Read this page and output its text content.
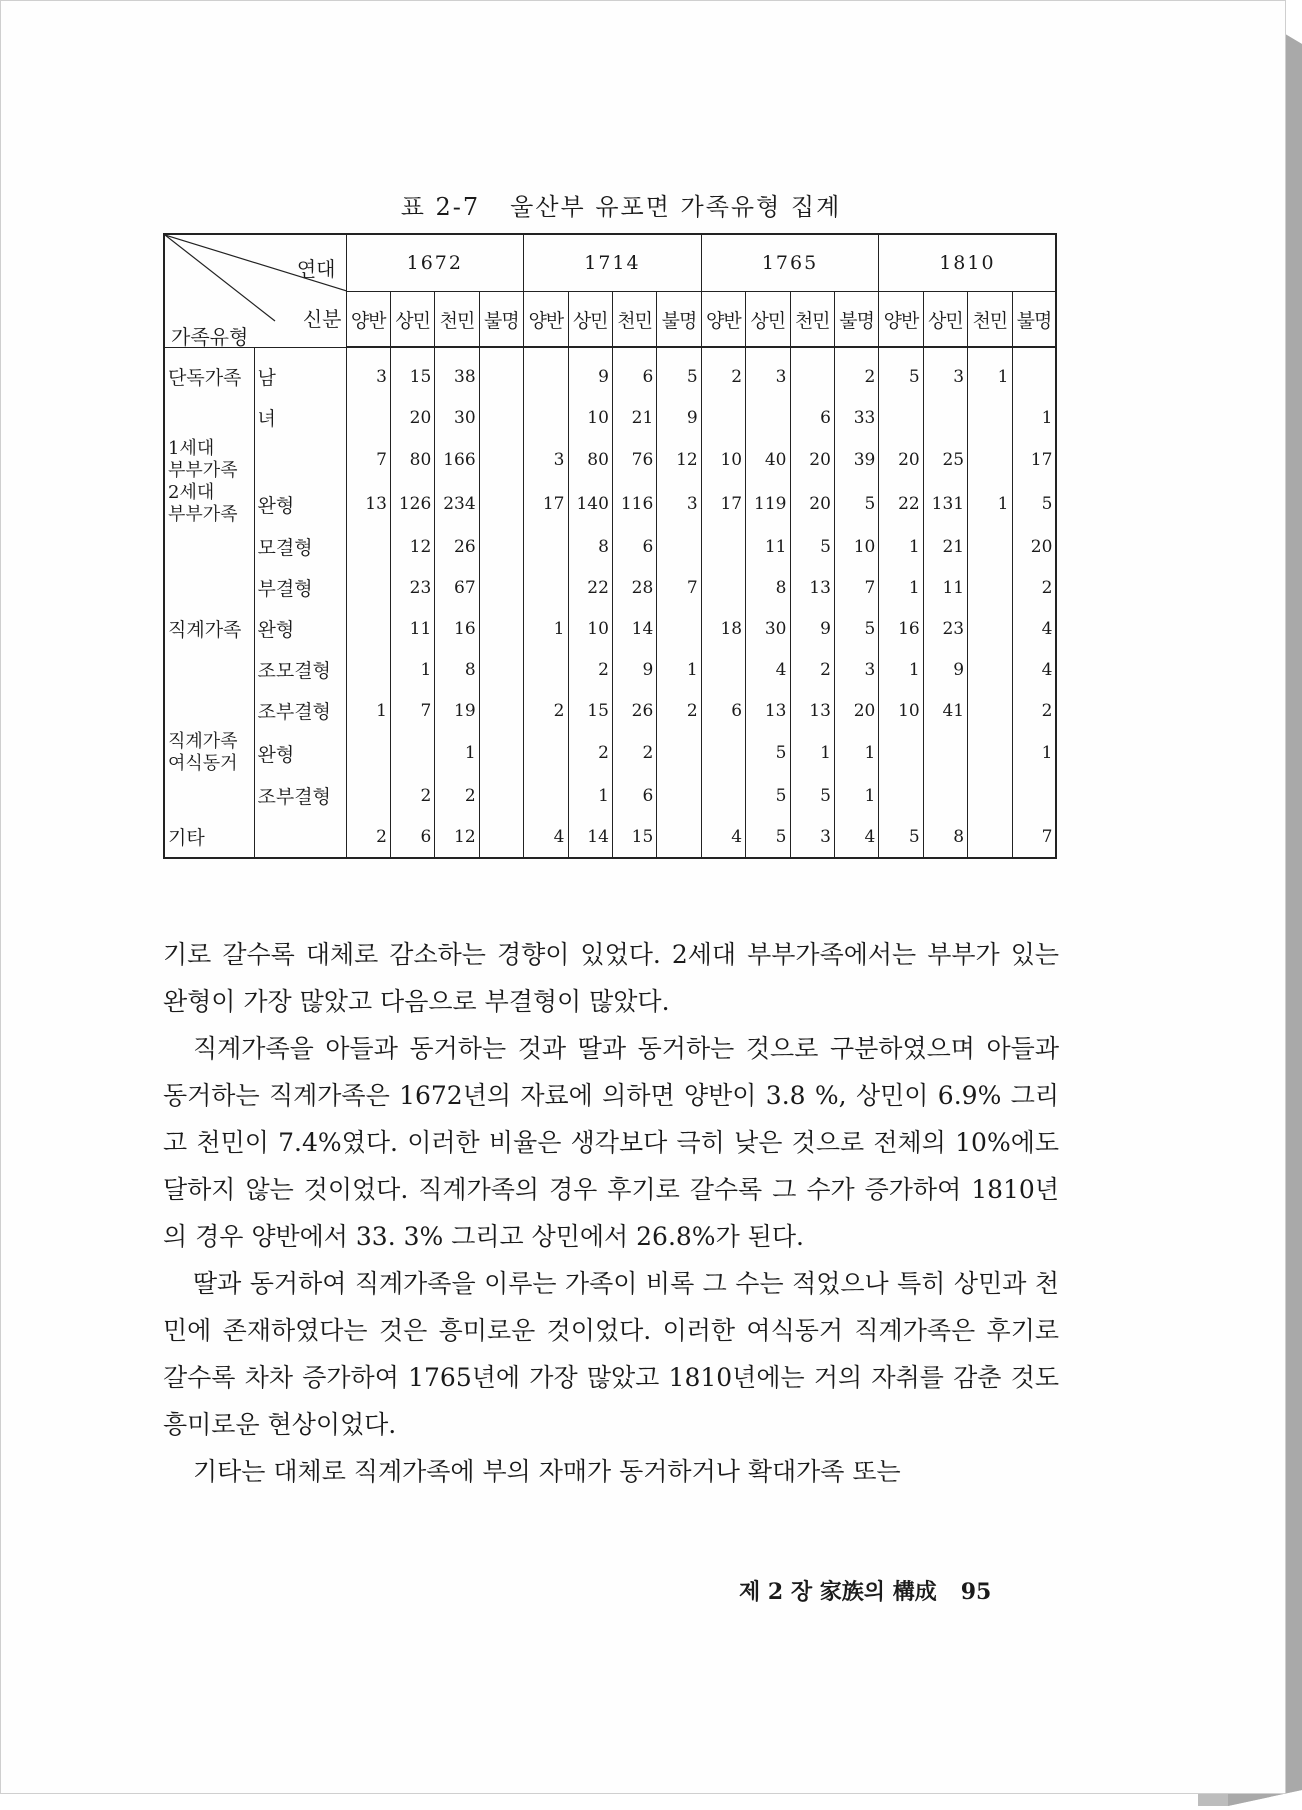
표 2-7 울산부 유포면 가족유형 집계
연대
신분
가족유형		1672				1714				1765				1810			
		양반	상민	천민	불명	양반	상민	천민	불명	양반	상민	천민	불명	양반	상민	천민	불명
단독가족	남	3	15	38			9	6	5	2	3		2	5	3	1	
	녀		20	30			10	21	9			6	33				1

1세대
부부가족		7	80	166		3	80	76	12	10	40	20	39	20	25		17

2세대
부부가족	완형	13	126	234		17	140	116	3	17	119	20	5	22	131	1	5
	모결형		12	26			8	6			11	5	10	1	21		20
	부결형		23	67			22	28	7		8	13	7	1	11		2
직계가족	완형		11	16		1	10	14		18	30	9	5	16	23		4
	조모결형		1	8			2	9	1		4	2	3	1	9		4
	조부결형	1	7	19		2	15	26	2	6	13	13	20	10	41		2

직계가족
여식동거	완형			1			2	2			5	1	1				1
	조부결형		2	2			1	6			5	5	1				
기타		2	6	12		4	14	15		4	5	3	4	5	8		7

기로 갈수록 대체로 감소하는 경향이 있었다. 2세대 부부가족에서는 부부가 있는 완형이 가장 많았고 다음으로 부결형이 많았다.

직계가족을 아들과 동거하는 것과 딸과 동거하는 것으로 구분하였으며 아들과 동거하는 직계가족은 1672년의 자료에 의하면 양반이 3.8 %, 상민이 6.9% 그리고 천민이 7.4%였다. 이러한 비율은 생각보다 극히 낮은 것으로 전체의 10%에도 달하지 않는 것이었다. 직계가족의 경우 후기로 갈수록 그 수가 증가하여 1810년의 경우 양반에서 33. 3% 그리고 상민에서 26.8%가 된다.

딸과 동거하여 직계가족을 이루는 가족이 비록 그 수는 적었으나 특히 상민과 천민에 존재하였다는 것은 흥미로운 것이었다. 이러한 여식동거 직계가족은 후기로 갈수록 차차 증가하여 1765년에 가장 많았고 1810년에는 거의 자취를 감춘 것도 흥미로운 현상이었다.

기타는 대체로 직계가족에 부의 자매가 동거하거나 확대가족 또는

제 2 장 家族의 構成 95
